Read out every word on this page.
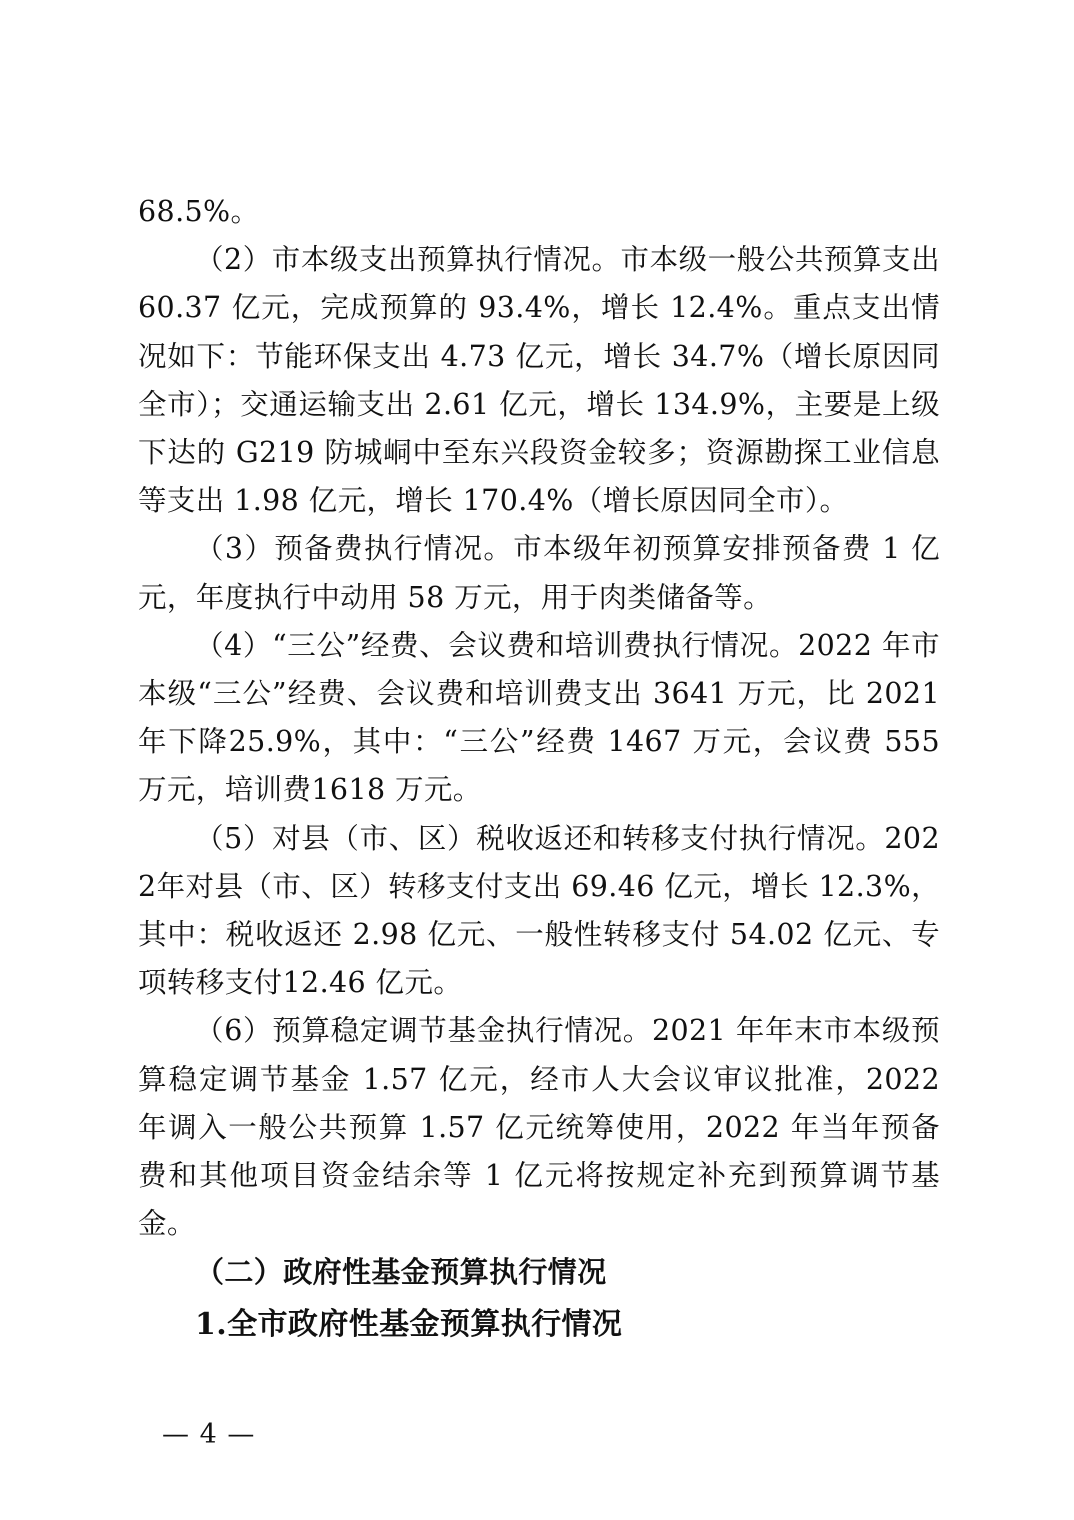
68.5%。

（2）市本级支出预算执行情况。市本级一般公共预算支出60.37 亿元，完成预算的 93.4%，增长 12.4%。重点支出情况如下：节能环保支出 4.73 亿元，增长 34.7%（增长原因同全市）；交通运输支出 2.61 亿元，增长 134.9%，主要是上级下达的 G219 防城峒中至东兴段资金较多；资源勘探工业信息等支出 1.98 亿元，增长 170.4%（增长原因同全市）。

（3）预备费执行情况。市本级年初预算安排预备费 1 亿元，年度执行中动用 58 万元，用于肉类储备等。

（4）“三公”经费、会议费和培训费执行情况。2022 年市本级“三公”经费、会议费和培训费支出 3641 万元，比 2021 年下降25.9%，其中：“三公”经费 1467 万元，会议费 555 万元，培训费1618 万元。

（5）对县（市、区）税收返还和转移支付执行情况。2022年对县（市、区）转移支付支出 69.46 亿元，增长 12.3%，其中：税收返还 2.98 亿元、一般性转移支付 54.02 亿元、专项转移支付12.46 亿元。

（6）预算稳定调节基金执行情况。2021 年年末市本级预算稳定调节基金 1.57 亿元，经市人大会议审议批准，2022 年调入一般公共预算 1.57 亿元统筹使用，2022 年当年预备费和其他项目资金结余等 1 亿元将按规定补充到预算调节基金。

（二）政府性基金预算执行情况

1.全市政府性基金预算执行情况

— 4 —
